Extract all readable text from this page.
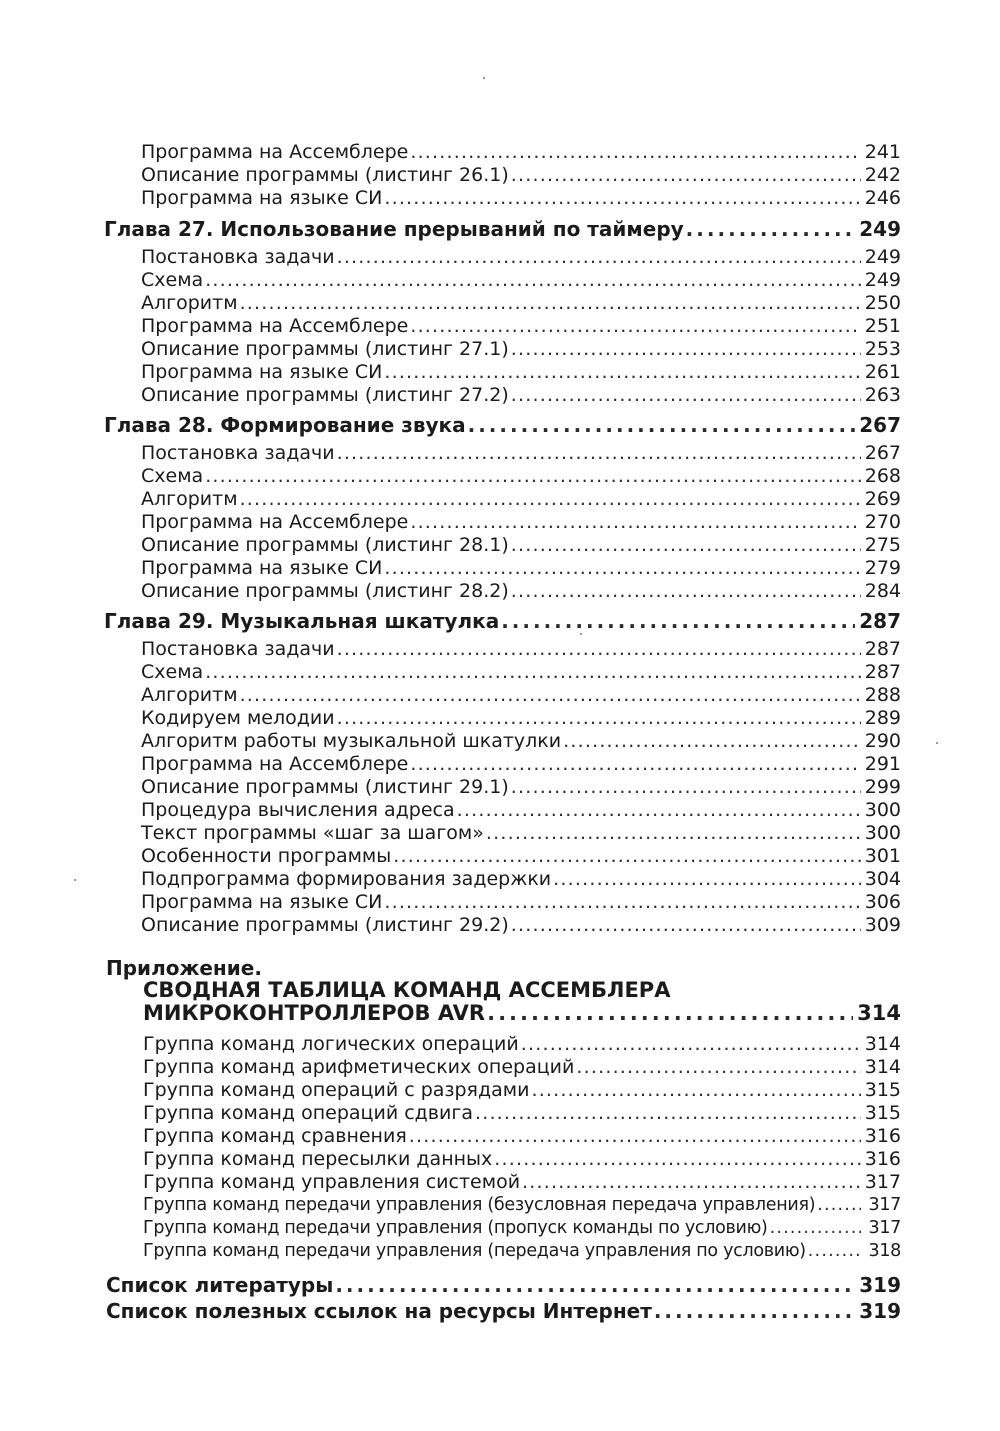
Программа на Ассемблере .....	241
Описание программы (листинг 26.1) .....	242
Программа на языке СИ .....	246
Глава 27. Использование прерываний по таймеру .....	249
Постановка задачи .....	249
Схема .....	249
Алгоритм .....	250
Программа на Ассемблере .....	251
Описание программы (листинг 27.1) .....	253
Программа на языке СИ .....	261
Описание программы (листинг 27.2) .....	263
Глава 28. Формирование звука .....	267
Постановка задачи .....	267
Схема .....	268
Алгоритм .....	269
Программа на Ассемблере .....	270
Описание программы (листинг 28.1) .....	275
Программа на языке СИ .....	279
Описание программы (листинг 28.2) .....	284
Глава 29. Музыкальная шкатулка .....	287
Постановка задачи .....	287
Схема .....	287
Алгоритм .....	288
Кодируем мелодии .....	289
Алгоритм работы музыкальной шкатулки .....	290
Программа на Ассемблере .....	291
Описание программы (листинг 29.1) .....	299
Процедура вычисления адреса .....	300
Текст программы «шаг за шагом» .....	300
Особенности программы .....	301
Подпрограмма формирования задержки .....	304
Программа на языке СИ .....	306
Описание программы (листинг 29.2) .....	309
Приложение.
СВОДНАЯ ТАБЛИЦА КОМАНД АССЕМБЛЕРА
МИКРОКОНТРОЛЛЕРОВ AVR .....	314
Группа команд логических операций .....	314
Группа команд арифметических операций .....	314
Группа команд операций с разрядами .....	315
Группа команд операций сдвига .....	315
Группа команд сравнения .....	316
Группа команд пересылки данных .....	316
Группа команд управления системой .....	317
Группа команд передачи управления (безусловная передача управления) .....	317
Группа команд передачи управления (пропуск команды по условию) .....	317
Группа команд передачи управления (передача управления по условию) .....	318
Список литературы .....	319
Список полезных ссылок на ресурсы Интернет .....	319
